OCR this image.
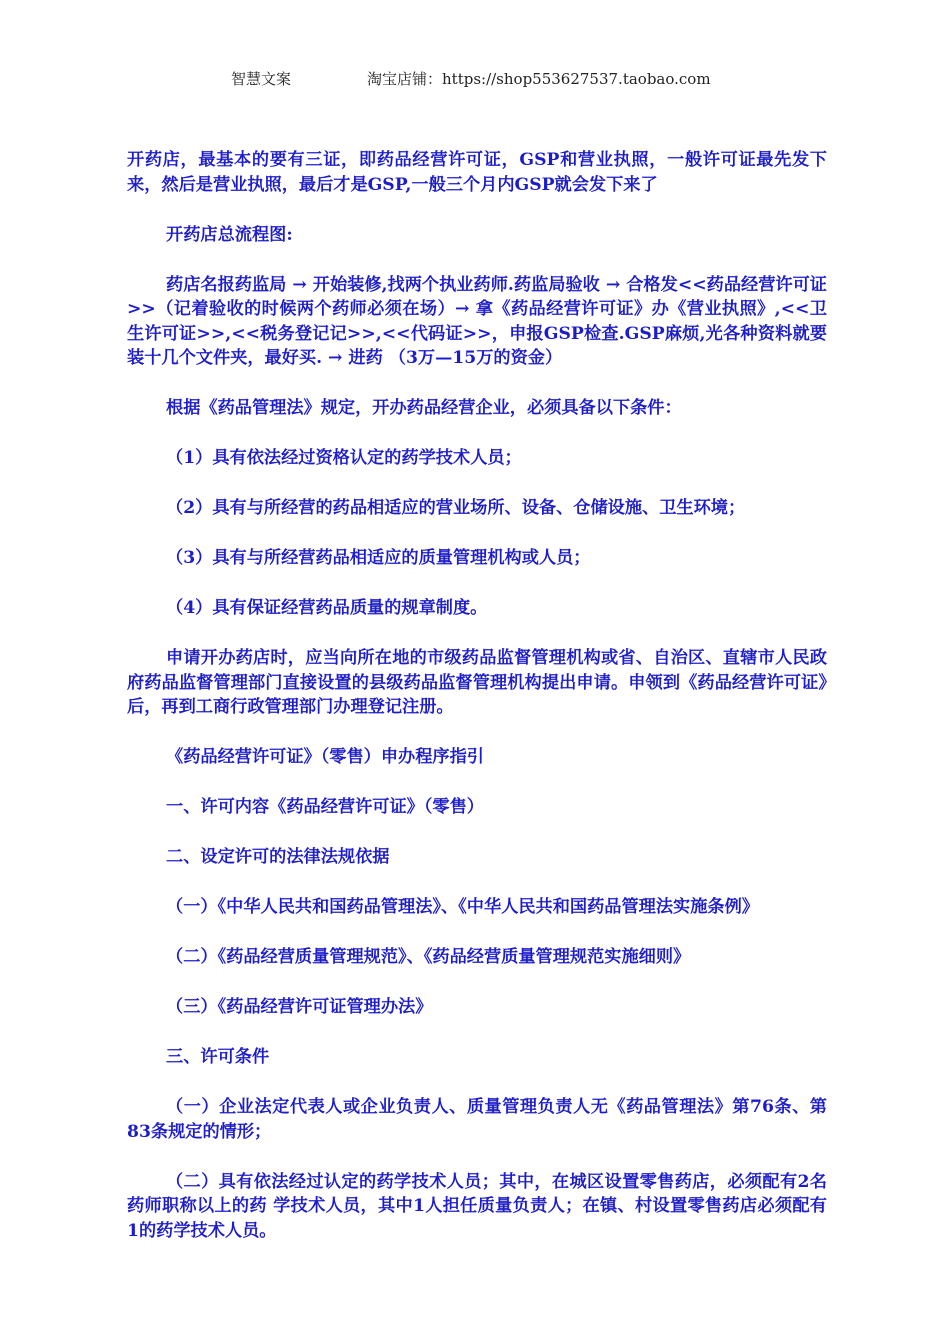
智慧文案	淘宝店铺：https://shop553627537.taobao.com

开药店，最基本的要有三证，即药品经营许可证，GSP和营业执照，一般许可证最先发下来，然后是营业执照，最后才是GSP,一般三个月内GSP就会发下来了

开药店总流程图:

药店名报药监局 → 开始装修,找两个执业药师.药监局验收 → 合格发<<药品经营许可证>>（记着验收的时候两个药师必须在场）→ 拿《药品经营许可证》办《营业执照》,<<卫生许可证>>,<<税务登记记>>,<<代码证>>，申报GSP检查.GSP麻烦,光各种资料就要装十几个文件夹，最好买. → 进药 （3万—15万的资金）

根据《药品管理法》规定，开办药品经营企业，必须具备以下条件：

（1）具有依法经过资格认定的药学技术人员；

（2）具有与所经营的药品相适应的营业场所、设备、仓储设施、卫生环境；

（3）具有与所经营药品相适应的质量管理机构或人员；

（4）具有保证经营药品质量的规章制度。

申请开办药店时，应当向所在地的市级药品监督管理机构或省、自治区、直辖市人民政府药品监督管理部门直接设置的县级药品监督管理机构提出申请。申领到《药品经营许可证》后，再到工商行政管理部门办理登记注册。

《药品经营许可证》（零售）申办程序指引

一、许可内容《药品经营许可证》（零售）

二、设定许可的法律法规依据

（一）《中华人民共和国药品管理法》、《中华人民共和国药品管理法实施条例》

（二）《药品经营质量管理规范》、《药品经营质量管理规范实施细则》

（三）《药品经营许可证管理办法》

三、许可条件

（一）企业法定代表人或企业负责人、质量管理负责人无《药品管理法》第76条、第83条规定的情形；

（二）具有依法经过认定的药学技术人员；其中，在城区设置零售药店，必须配有2名药师职称以上的药 学技术人员，其中1人担任质量负责人；在镇、村设置零售药店必须配有1的药学技术人员。
